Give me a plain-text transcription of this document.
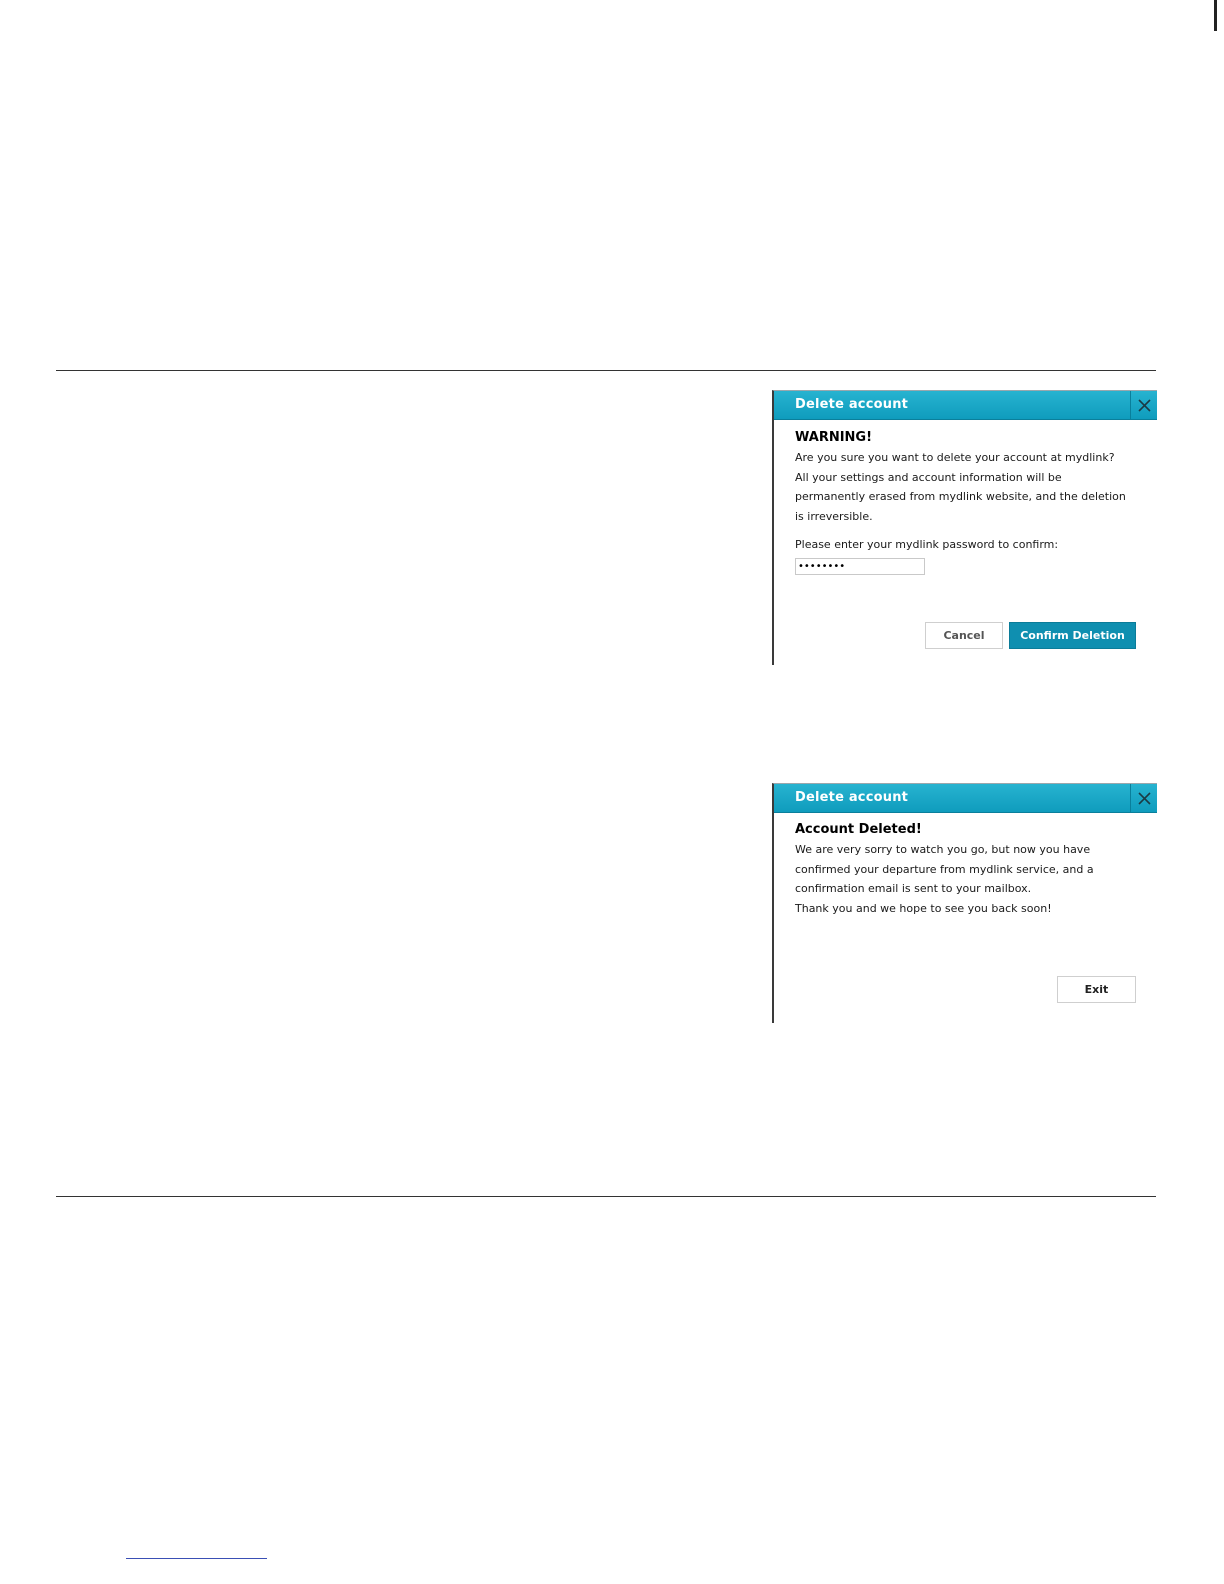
Delete account

WARNING!

Are you sure you want to delete your account at mydlink?

All your settings and account information will be

permanently erased from mydlink website, and the deletion

is irreversible.

Please enter your mydlink password to confirm:

Cancel	Confirm Deletion
Delete account

Account Deleted!

We are very sorry to watch you go, but now you have

confirmed your departure from mydlink service, and a

confirmation email is sent to your mailbox.

Thank you and we hope to see you back soon!

Exit
